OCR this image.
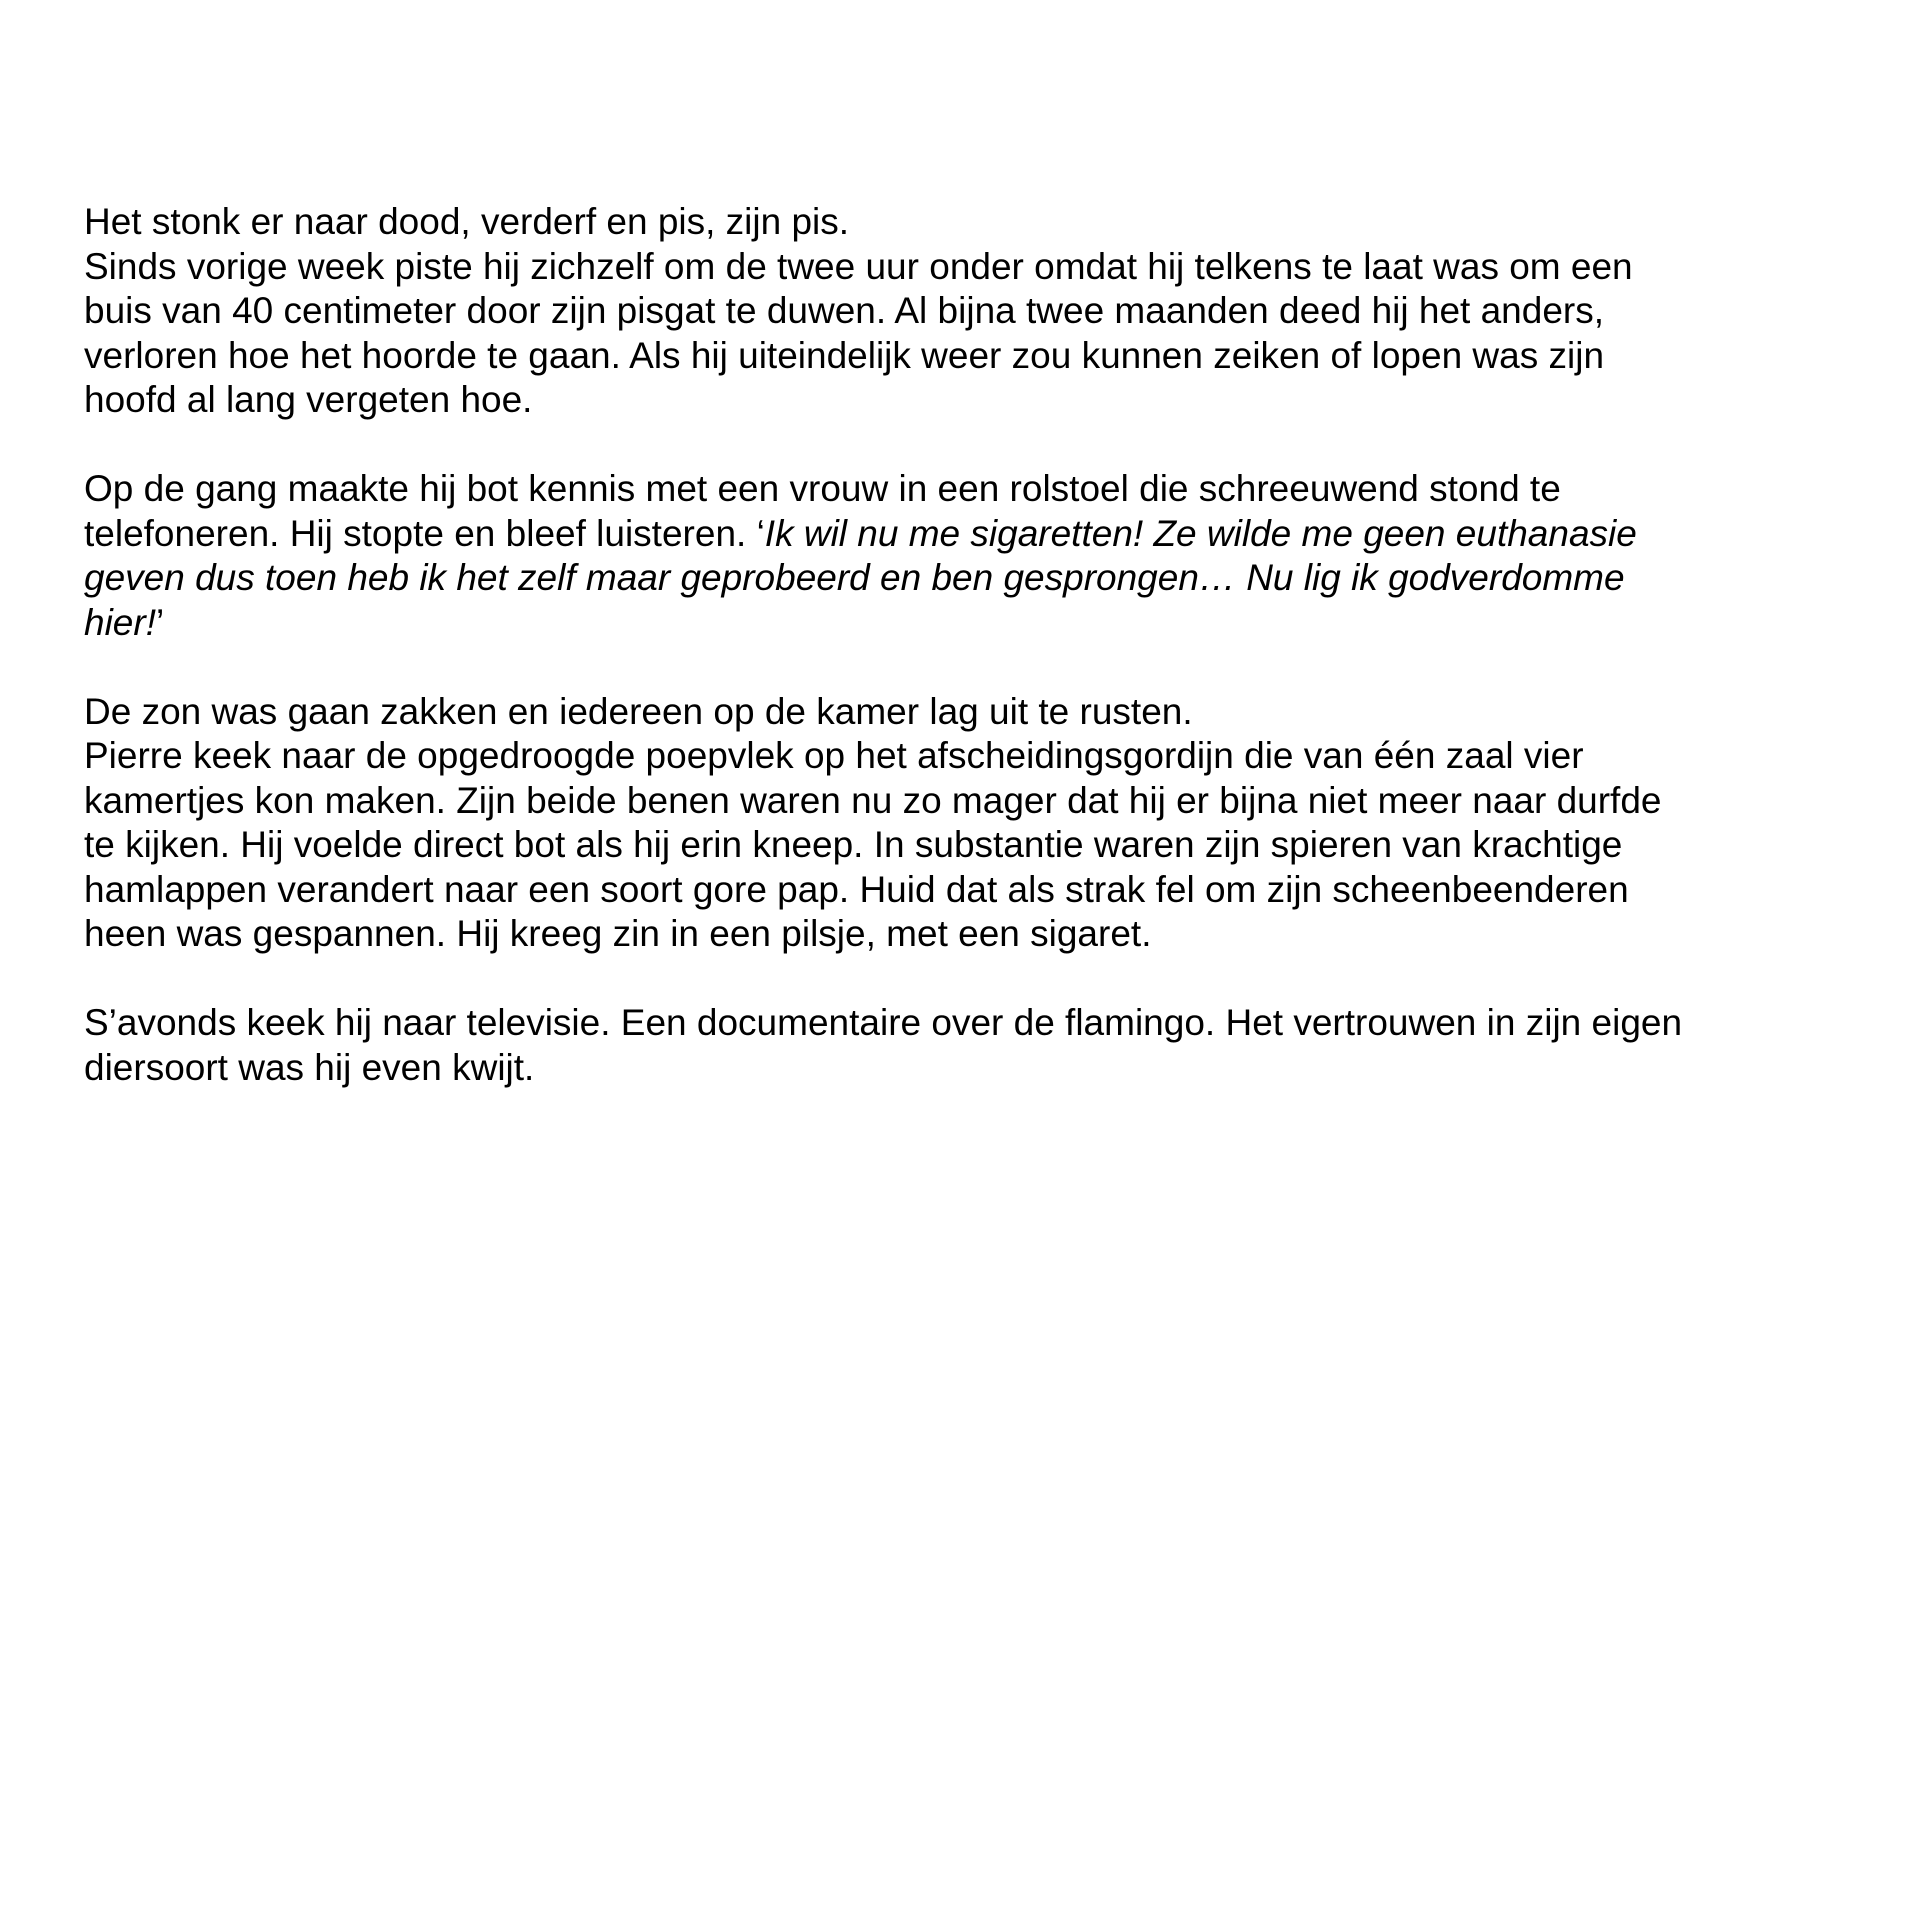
Het stonk er naar dood, verderf en pis, zijn pis.
Sinds vorige week piste hij zichzelf om de twee uur onder omdat hij telkens te laat was om een
buis van 40 centimeter door zijn pisgat te duwen. Al bijna twee maanden deed hij het anders,
verloren hoe het hoorde te gaan. Als hij uiteindelijk weer zou kunnen zeiken of lopen was zijn
hoofd al lang vergeten hoe.
Op de gang maakte hij bot kennis met een vrouw in een rolstoel die schreeuwend stond te
telefoneren. Hij stopte en bleef luisteren. ‘Ik wil nu me sigaretten! Ze wilde me geen euthanasie
geven dus toen heb ik het zelf maar geprobeerd en ben gesprongen… Nu lig ik godverdomme
hier!’
De zon was gaan zakken en iedereen op de kamer lag uit te rusten.
Pierre keek naar de opgedroogde poepvlek op het afscheidingsgordijn die van één zaal vier
kamertjes kon maken. Zijn beide benen waren nu zo mager dat hij er bijna niet meer naar durfde
te kijken. Hij voelde direct bot als hij erin kneep. In substantie waren zijn spieren van krachtige
hamlappen verandert naar een soort gore pap. Huid dat als strak fel om zijn scheenbeenderen
heen was gespannen. Hij kreeg zin in een pilsje, met een sigaret.
S’avonds keek hij naar televisie. Een documentaire over de flamingo. Het vertrouwen in zijn eigen
diersoort was hij even kwijt.
